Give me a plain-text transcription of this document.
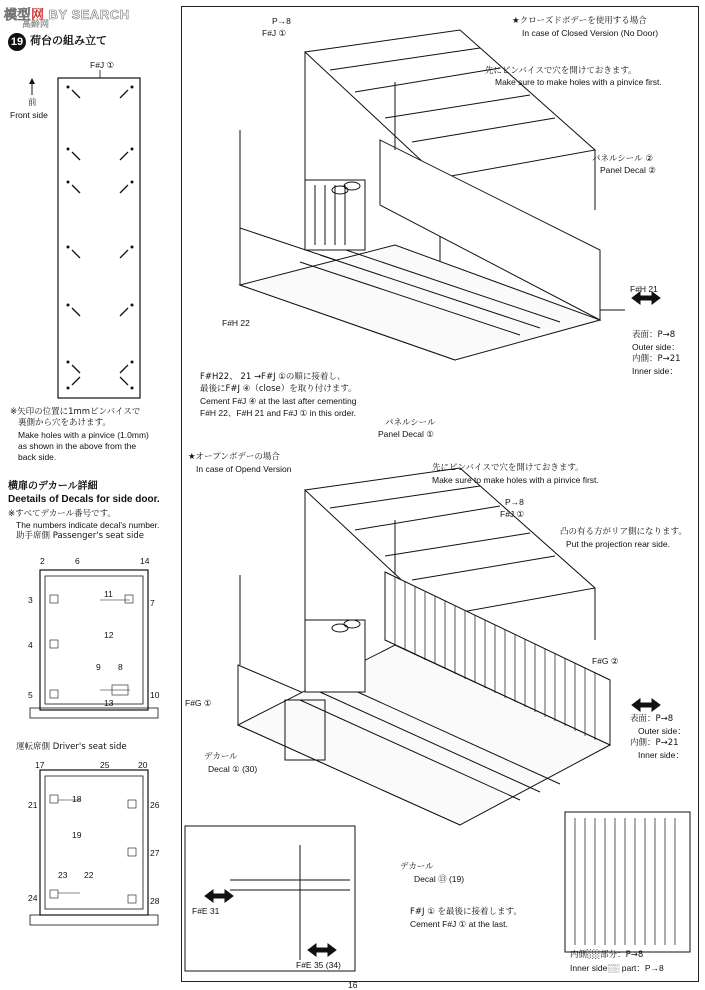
模型网 BY SEARCH
高龄网
19 荷台の組み立て
F#J ①
前
Front side
※矢印の位置に1mmピンバイスで
裏側から穴をあけます。
Make holes with a pinvice (1.0mm)
as shown in the above from the
back side.
横扉のデカール詳細
Deetails of Decals for side door.
※すべてデカール番号です。
The numbers indicate decal's number.
助手席側 Passenger's seat side
2	6	14
3
11
7
4
12
9 8
5
13
10
運転席側 Driver's seat side
17	25	20
18
21	26
19
27
23 22
24	28
★クローズドボデーを使用する場合
In case of Closed Version (No Door)
P→8
F#J ①
先にピンバイスで穴を開けておきます。
Make sure to make holes with a pinvice first.
パネルシール ②
Panel Decal ②
F#H 21
F#H 22
表面：P→8
Outer side：
内側：P→21
Inner side：
F#H22、 21 →F#J ①の順に接着し、
最後にF#J ④（close）を取り付けます。
Cement F#J ④ at the last after cementing
F#H 22、F#H 21 and F#J ① in this order.
パネルシール
Panel Decal ①
★オープンボデーの場合
In case of Opend Version	先にピンバイスで穴を開けておきます。
Make sure to make holes with a pinvice first.
P→8
F#J ①
凸の有る方がリア側になります。
Put the projection rear side.
F#G ②
F#G ①
表面：P→8
Outer side：
内側：P→21
Inner side：
デカール
Decal ① (30)
デカール
Decal ⑬ (19)
F#E 31
F#E 35 (34)
F#J ① を最後に接着します。
Cement F#J ① at the last.
内側░░部分：P→8
Inner side░░ part：P→8
16
